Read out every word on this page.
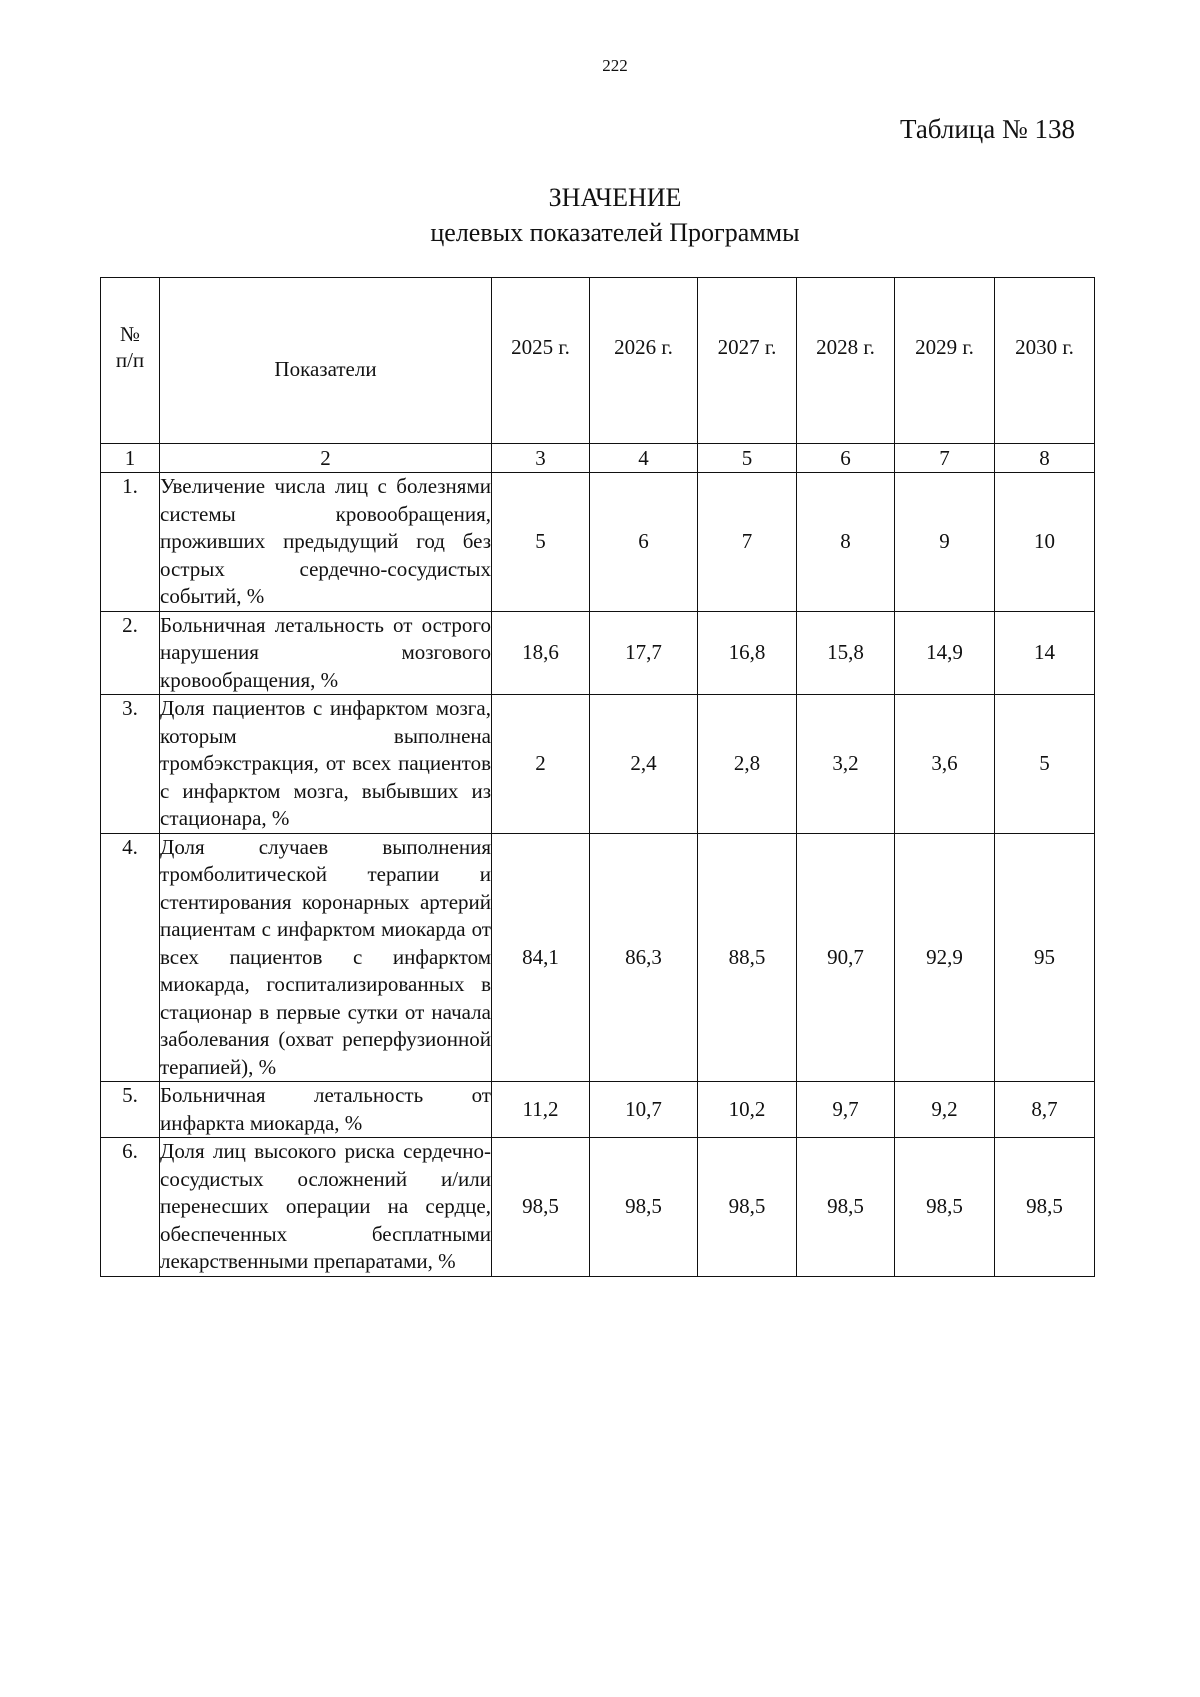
222
Таблица № 138
ЗНАЧЕНИЕ
целевых показателей Программы
№
п/п	Показатели	2025 г.	2026 г.	2027 г.	2028 г.	2029 г.	2030 г.
1	2	3	4	5	6	7	8
1.	Увеличение числа лиц с болезнями системы кровообращения, проживших предыдущий год без острых сердечно-сосудистых событий, %	5	6	7	8	9	10
2.	Больничная летальность от острого нарушения мозгового кровообращения, %	18,6	17,7	16,8	15,8	14,9	14
3.	Доля пациентов с инфарктом мозга, которым выполнена тромбэкстракция, от всех пациентов с инфарктом мозга, выбывших из стационара, %	2	2,4	2,8	3,2	3,6	5
4.	Доля случаев выполнения тромболитической терапии и стентирования коронарных артерий пациентам с инфарктом миокарда от всех пациентов с инфарктом миокарда, госпитализированных в стационар в первые сутки от начала заболевания (охват реперфузионной терапией), %	84,1	86,3	88,5	90,7	92,9	95
5.	Больничная летальность от инфаркта миокарда, %	11,2	10,7	10,2	9,7	9,2	8,7
6.	Доля лиц высокого риска сердечно-сосудистых осложнений и/или перенесших операции на сердце, обеспеченных бесплатными лекарственными препаратами, %	98,5	98,5	98,5	98,5	98,5	98,5
